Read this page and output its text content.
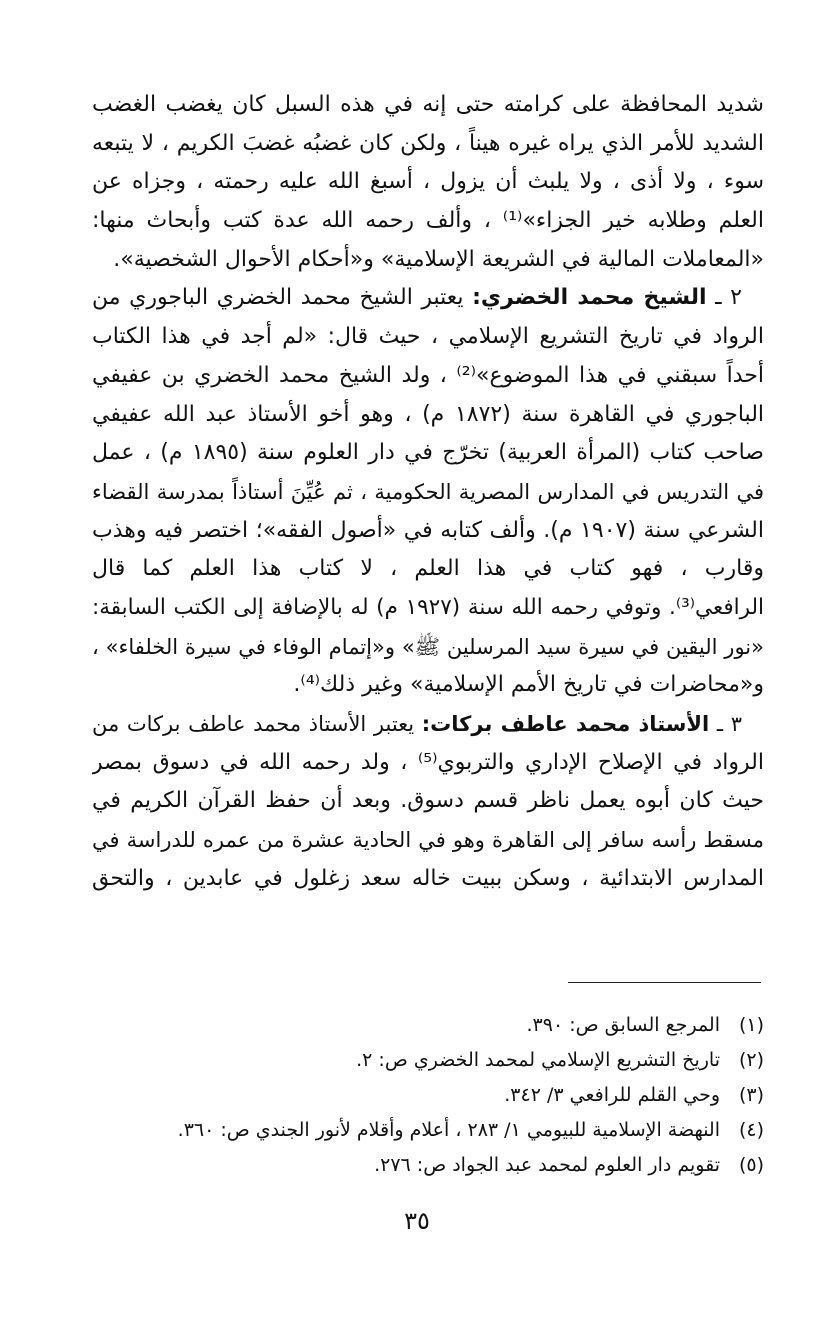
شديد المحافظة على كرامته حتى إنه في هذه السبل كان يغضب الغضب
الشديد للأمر الذي يراه غيره هيناً ، ولكن كان غضبُه غضبَ الكريم ، لا يتبعه
سوء ، ولا أذى ، ولا يلبث أن يزول ، أسبغ الله عليه رحمته ، وجزاه عن
العلم وطلابه خير الجزاء»⁽¹⁾ ، وألف رحمه الله عدة كتب وأبحاث منها:
«المعاملات المالية في الشريعة الإسلامية» و«أحكام الأحوال الشخصية».
٢ ـ الشيخ محمد الخضري: يعتبر الشيخ محمد الخضري الباجوري من
الرواد في تاريخ التشريع الإسلامي ، حيث قال: «لم أجد في هذا الكتاب
أحداً سبقني في هذا الموضوع»⁽²⁾ ، ولد الشيخ محمد الخضري بن عفيفي
الباجوري في القاهرة سنة (١٨٧٢ م) ، وهو أخو الأستاذ عبد الله عفيفي
صاحب كتاب (المرأة العربية) تخرّج في دار العلوم سنة (١٨٩٥ م) ، عمل
في التدريس في المدارس المصرية الحكومية ، ثم عُيِّنَ أستاذاً بمدرسة القضاء
الشرعي سنة (١٩٠٧ م). وألف كتابه في «أصول الفقه»؛ اختصر فيه وهذب
وقارب ، فهو كتاب في هذا العلم ، لا كتاب هذا العلم كما قال
الرافعي⁽³⁾. وتوفي رحمه الله سنة (١٩٢٧ م) له بالإضافة إلى الكتب السابقة:
«نور اليقين في سيرة سيد المرسلين ﷺ» و«إتمام الوفاء في سيرة الخلفاء» ،
و«محاضرات في تاريخ الأمم الإسلامية» وغير ذلك⁽⁴⁾.
٣ ـ الأستاذ محمد عاطف بركات: يعتبر الأستاذ محمد عاطف بركات من
الرواد في الإصلاح الإداري والتربوي⁽⁵⁾ ، ولد رحمه الله في دسوق بمصر
حيث كان أبوه يعمل ناظر قسم دسوق. وبعد أن حفظ القرآن الكريم في
مسقط رأسه سافر إلى القاهرة وهو في الحادية عشرة من عمره للدراسة في
المدارس الابتدائية ، وسكن ببيت خاله سعد زغلول في عابدين ، والتحق
(١)المرجع السابق ص: ٣٩٠.
(٢)تاريخ التشريع الإسلامي لمحمد الخضري ص: ٢.
(٣)وحي القلم للرافعي ٣/ ٣٤٢.
(٤)النهضة الإسلامية للبيومي ١/ ٢٨٣ ، أعلام وأقلام لأنور الجندي ص: ٣٦٠.
(٥)تقويم دار العلوم لمحمد عبد الجواد ص: ٢٧٦.
٣٥
